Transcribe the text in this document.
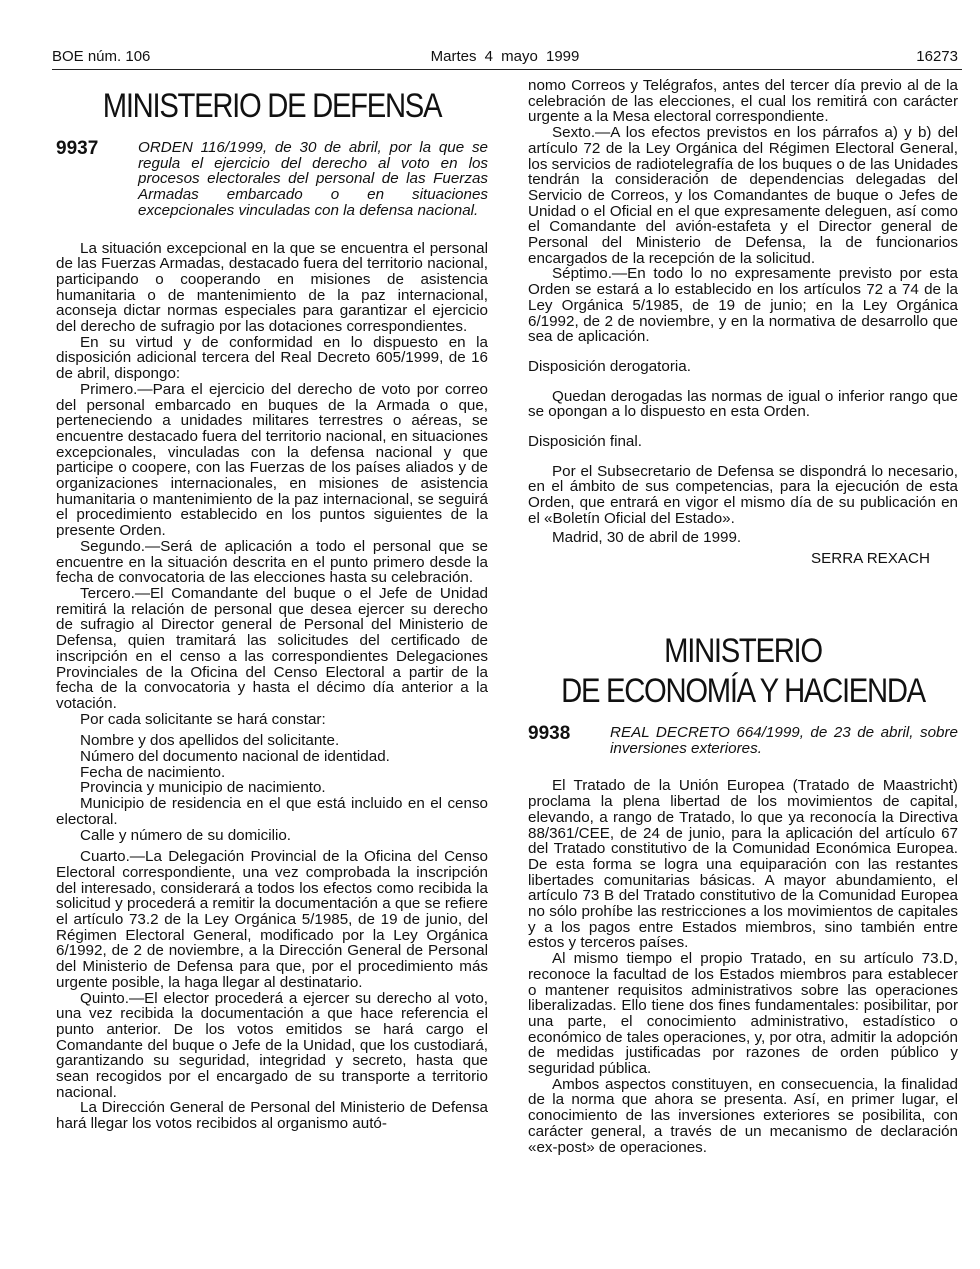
BOE núm. 106	Martes 4 mayo 1999	16273
MINISTERIO DE DEFENSA
9937	ORDEN 116/1999, de 30 de abril, por la que se regula el ejercicio del derecho al voto en los procesos electorales del personal de las Fuerzas Armadas embarcado o en situaciones excepcionales vinculadas con la defensa nacional.

La situación excepcional en la que se encuentra el personal de las Fuerzas Armadas, destacado fuera del territorio nacional, participando o cooperando en misiones de asistencia humanitaria o de mantenimiento de la paz internacional, aconseja dictar normas especiales para garantizar el ejercicio del derecho de sufragio por las dotaciones correspondientes.

En su virtud y de conformidad en lo dispuesto en la disposición adicional tercera del Real Decreto 605/1999, de 16 de abril, dispongo:

Primero.—Para el ejercicio del derecho de voto por correo del personal embarcado en buques de la Armada o que, perteneciendo a unidades militares terrestres o aéreas, se encuentre destacado fuera del territorio nacional, en situaciones excepcionales, vinculadas con la defensa nacional y que participe o coopere, con las Fuerzas de los países aliados y de organizaciones internacionales, en misiones de asistencia humanitaria o mantenimiento de la paz internacional, se seguirá el procedimiento establecido en los puntos siguientes de la presente Orden.

Segundo.—Será de aplicación a todo el personal que se encuentre en la situación descrita en el punto primero desde la fecha de convocatoria de las elecciones hasta su celebración.

Tercero.—El Comandante del buque o el Jefe de Unidad remitirá la relación de personal que desea ejercer su derecho de sufragio al Director general de Personal del Ministerio de Defensa, quien tramitará las solicitudes del certificado de inscripción en el censo a las correspondientes Delegaciones Provinciales de la Oficina del Censo Electoral a partir de la fecha de la convocatoria y hasta el décimo día anterior a la votación.

Por cada solicitante se hará constar:

Nombre y dos apellidos del solicitante.

Número del documento nacional de identidad.

Fecha de nacimiento.

Provincia y municipio de nacimiento.

Municipio de residencia en el que está incluido en el censo electoral.

Calle y número de su domicilio.

Cuarto.—La Delegación Provincial de la Oficina del Censo Electoral correspondiente, una vez comprobada la inscripción del interesado, considerará a todos los efectos como recibida la solicitud y procederá a remitir la documentación a que se refiere el artículo 73.2 de la Ley Orgánica 5/1985, de 19 de junio, del Régimen Electoral General, modificado por la Ley Orgánica 6/1992, de 2 de noviembre, a la Dirección General de Personal del Ministerio de Defensa para que, por el procedimiento más urgente posible, la haga llegar al destinatario.

Quinto.—El elector procederá a ejercer su derecho al voto, una vez recibida la documentación a que hace referencia el punto anterior. De los votos emitidos se hará cargo el Comandante del buque o Jefe de la Unidad, que los custodiará, garantizando su seguridad, integridad y secreto, hasta que sean recogidos por el encargado de su transporte a territorio nacional.

La Dirección General de Personal del Ministerio de Defensa hará llegar los votos recibidos al organismo autó-

nomo Correos y Telégrafos, antes del tercer día previo al de la celebración de las elecciones, el cual los remitirá con carácter urgente a la Mesa electoral correspondiente.

Sexto.—A los efectos previstos en los párrafos a) y b) del artículo 72 de la Ley Orgánica del Régimen Electoral General, los servicios de radiotelegrafía de los buques o de las Unidades tendrán la consideración de dependencias delegadas del Servicio de Correos, y los Comandantes de buque o Jefes de Unidad o el Oficial en el que expresamente deleguen, así como el Comandante del avión-estafeta y el Director general de Personal del Ministerio de Defensa, la de funcionarios encargados de la recepción de la solicitud.

Séptimo.—En todo lo no expresamente previsto por esta Orden se estará a lo establecido en los artículos 72 a 74 de la Ley Orgánica 5/1985, de 19 de junio; en la Ley Orgánica 6/1992, de 2 de noviembre, y en la normativa de desarrollo que sea de aplicación.

Disposición derogatoria.

Quedan derogadas las normas de igual o inferior rango que se opongan a lo dispuesto en esta Orden.

Disposición final.

Por el Subsecretario de Defensa se dispondrá lo necesario, en el ámbito de sus competencias, para la ejecución de esta Orden, que entrará en vigor el mismo día de su publicación en el «Boletín Oficial del Estado».

Madrid, 30 de abril de 1999.

SERRA REXACH

MINISTERIO
DE ECONOMÍA Y HACIENDA
9938	REAL DECRETO 664/1999, de 23 de abril, sobre inversiones exteriores.

El Tratado de la Unión Europea (Tratado de Maastricht) proclama la plena libertad de los movimientos de capital, elevando, a rango de Tratado, lo que ya reconocía la Directiva 88/361/CEE, de 24 de junio, para la aplicación del artículo 67 del Tratado constitutivo de la Comunidad Económica Europea. De esta forma se logra una equiparación con las restantes libertades comunitarias básicas. A mayor abundamiento, el artículo 73 B del Tratado constitutivo de la Comunidad Europea no sólo prohíbe las restricciones a los movimientos de capitales y a los pagos entre Estados miembros, sino también entre estos y terceros países.

Al mismo tiempo el propio Tratado, en su artículo 73.D, reconoce la facultad de los Estados miembros para establecer o mantener requisitos administrativos sobre las operaciones liberalizadas. Ello tiene dos fines fundamentales: posibilitar, por una parte, el conocimiento administrativo, estadístico o económico de tales operaciones, y, por otra, admitir la adopción de medidas justificadas por razones de orden público y seguridad pública.

Ambos aspectos constituyen, en consecuencia, la finalidad de la norma que ahora se presenta. Así, en primer lugar, el conocimiento de las inversiones exteriores se posibilita, con carácter general, a través de un mecanismo de declaración «ex-post» de operaciones.
